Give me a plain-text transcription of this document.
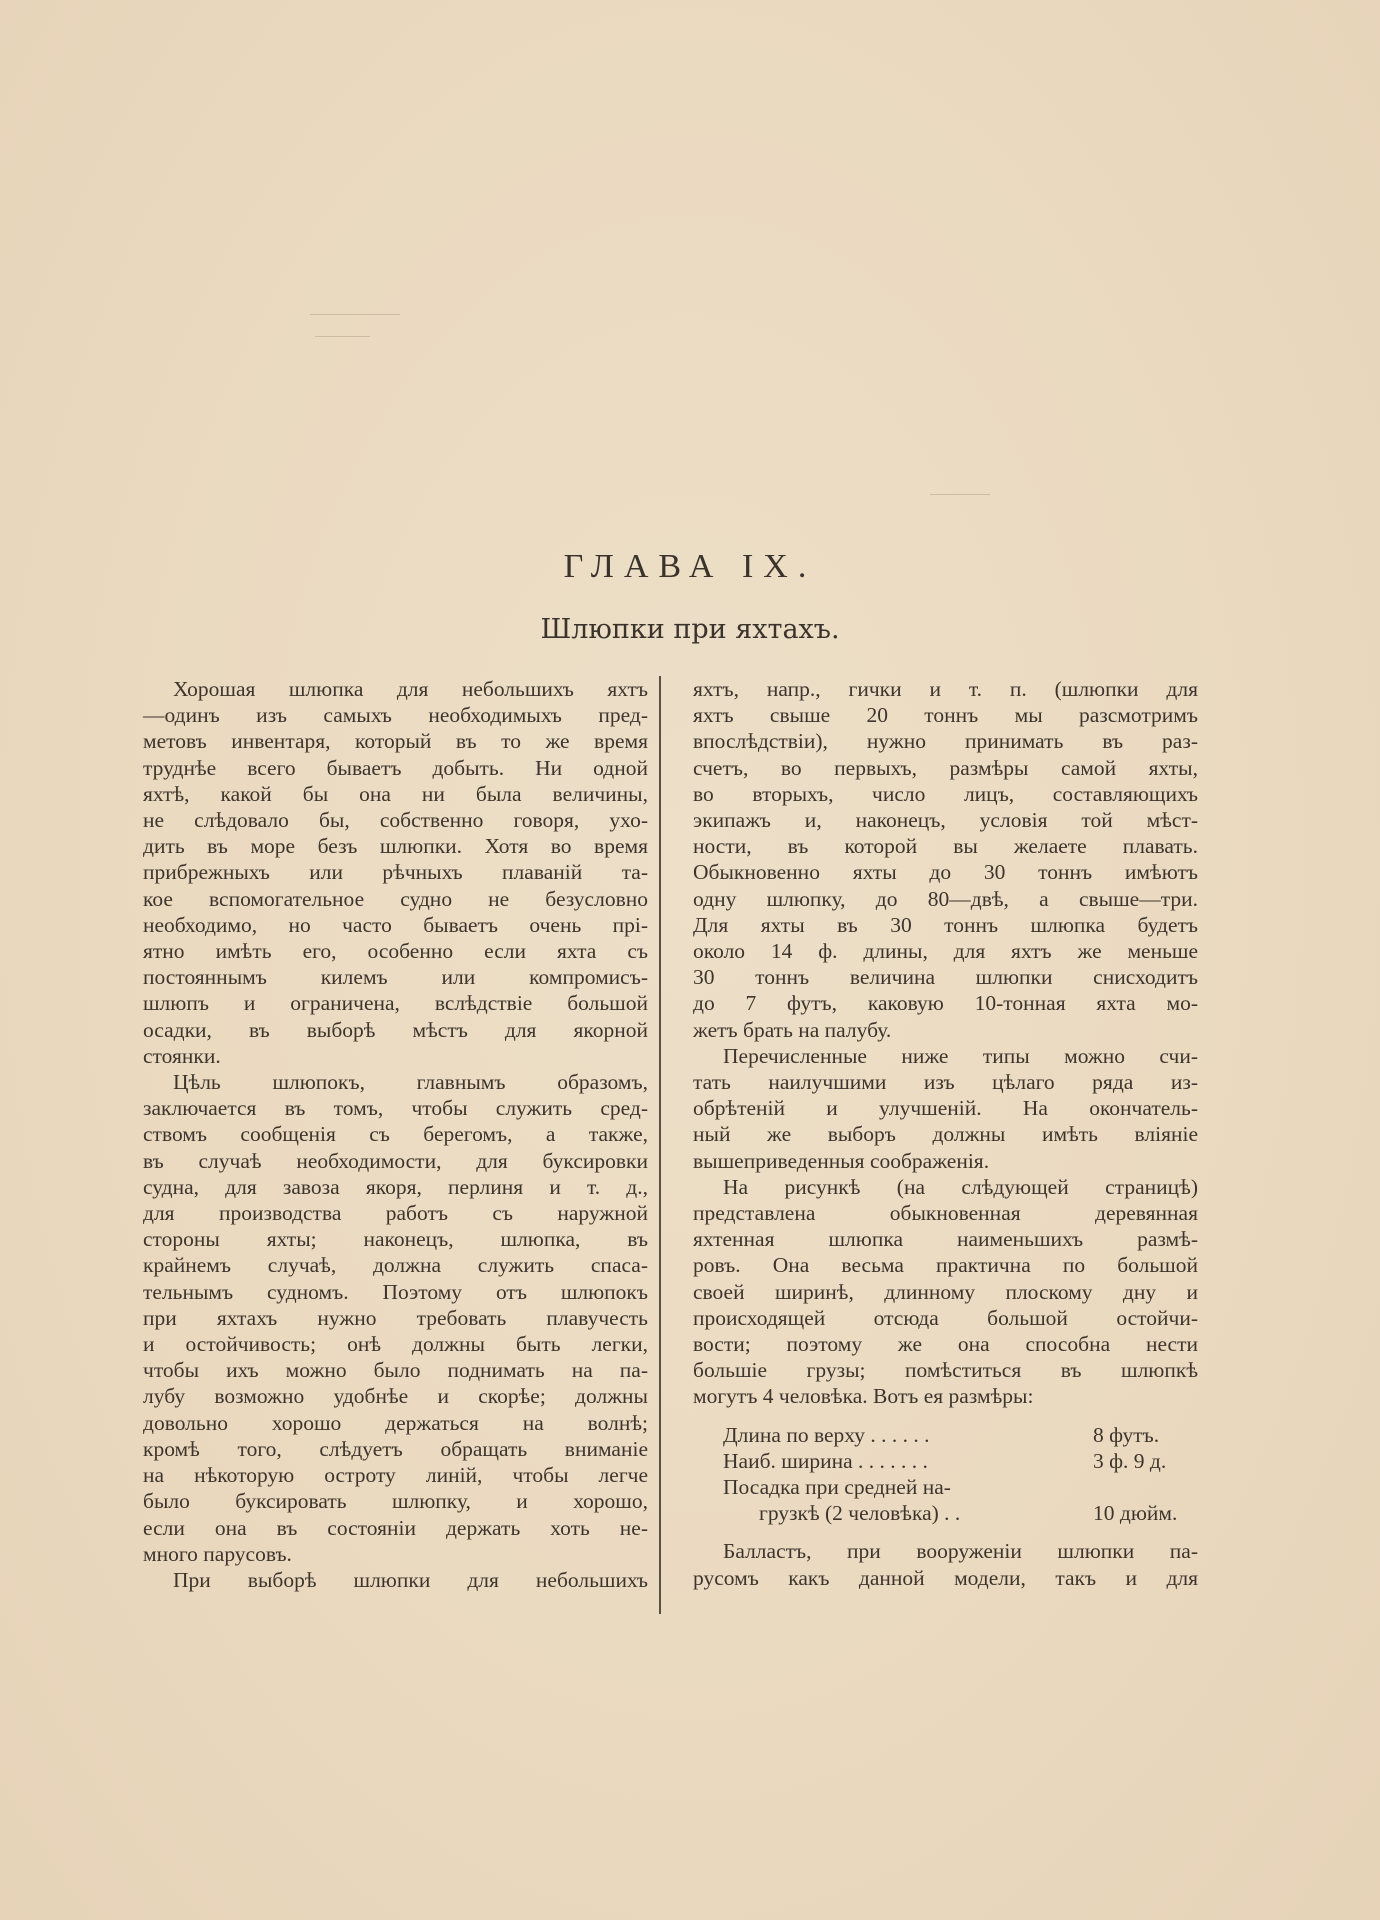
ГЛАВА IX.
Шлюпки при яхтахъ.

Хорошая шлюпка для небольшихъ яхтъ
—одинъ изъ самыхъ необходимыхъ пред-
метовъ инвентаря, который въ то же время
труднѣе всего бываетъ добыть. Ни одной
яхтѣ, какой бы она ни была величины,
не слѣдовало бы, собственно говоря, ухо-
дить въ море безъ шлюпки. Хотя во время
прибрежныхъ или рѣчныхъ плаваній та-
кое вспомогательное судно не безусловно
необходимо, но часто бываетъ очень прі-
ятно имѣть его, особенно если яхта съ
постояннымъ килемъ или компромисъ-
шлюпъ и ограничена, вслѣдствіе большой
осадки, въ выборѣ мѣстъ для якорной
стоянки.

Цѣль шлюпокъ, главнымъ образомъ,
заключается въ томъ, чтобы служить сред-
ствомъ сообщенія съ берегомъ, а также,
въ случаѣ необходимости, для буксировки
судна, для завоза якоря, перлиня и т. д.,
для производства работъ съ наружной
стороны яхты; наконецъ, шлюпка, въ
крайнемъ случаѣ, должна служить спаса-
тельнымъ судномъ. Поэтому отъ шлюпокъ
при яхтахъ нужно требовать плавучесть
и остойчивость; онѣ должны быть легки,
чтобы ихъ можно было поднимать на па-
лубу возможно удобнѣе и скорѣе; должны
довольно хорошо держаться на волнѣ;
кромѣ того, слѣдуетъ обращать вниманіе
на нѣкоторую остроту линій, чтобы легче
было буксировать шлюпку, и хорошо,
если она въ состояніи держать хоть не-
много парусовъ.

При выборѣ шлюпки для небольшихъ

яхтъ, напр., гички и т. п. (шлюпки для
яхтъ свыше 20 тоннъ мы разсмотримъ
впослѣдствіи), нужно принимать въ раз-
счетъ, во первыхъ, размѣры самой яхты,
во вторыхъ, число лицъ, составляющихъ
экипажъ и, наконецъ, условія той мѣст-
ности, въ которой вы желаете плавать.
Обыкновенно яхты до 30 тоннъ имѣютъ
одну шлюпку, до 80—двѣ, а свыше—три.
Для яхты въ 30 тоннъ шлюпка будетъ
около 14 ф. длины, для яхтъ же меньше
30 тоннъ величина шлюпки снисходитъ
до 7 футъ, каковую 10-тонная яхта мо-
жетъ брать на палубу.

Перечисленные ниже типы можно счи-
тать наилучшими изъ цѣлаго ряда из-
обрѣтеній и улучшеній. На окончатель-
ный же выборъ должны имѣть вліяніе
вышеприведенныя соображенія.

На рисункѣ (на слѣдующей страницѣ)
представлена обыкновенная деревянная
яхтенная шлюпка наименьшихъ размѣ-
ровъ. Она весьма практична по большой
своей ширинѣ, длинному плоскому дну и
происходящей отсюда большой остойчи-
вости; поэтому же она способна нести
большіе грузы; помѣститься въ шлюпкѣ
могутъ 4 человѣка. Вотъ ея размѣры:

Длина по верху . . . . . .	8 футъ.
Наиб. ширина . . . . . . .	3 ф. 9 д.
Посадка при средней на-
грузкѣ (2 человѣка) . .	10 дюйм.

Балластъ, при вооруженіи шлюпки па-
русомъ какъ данной модели, такъ и для
